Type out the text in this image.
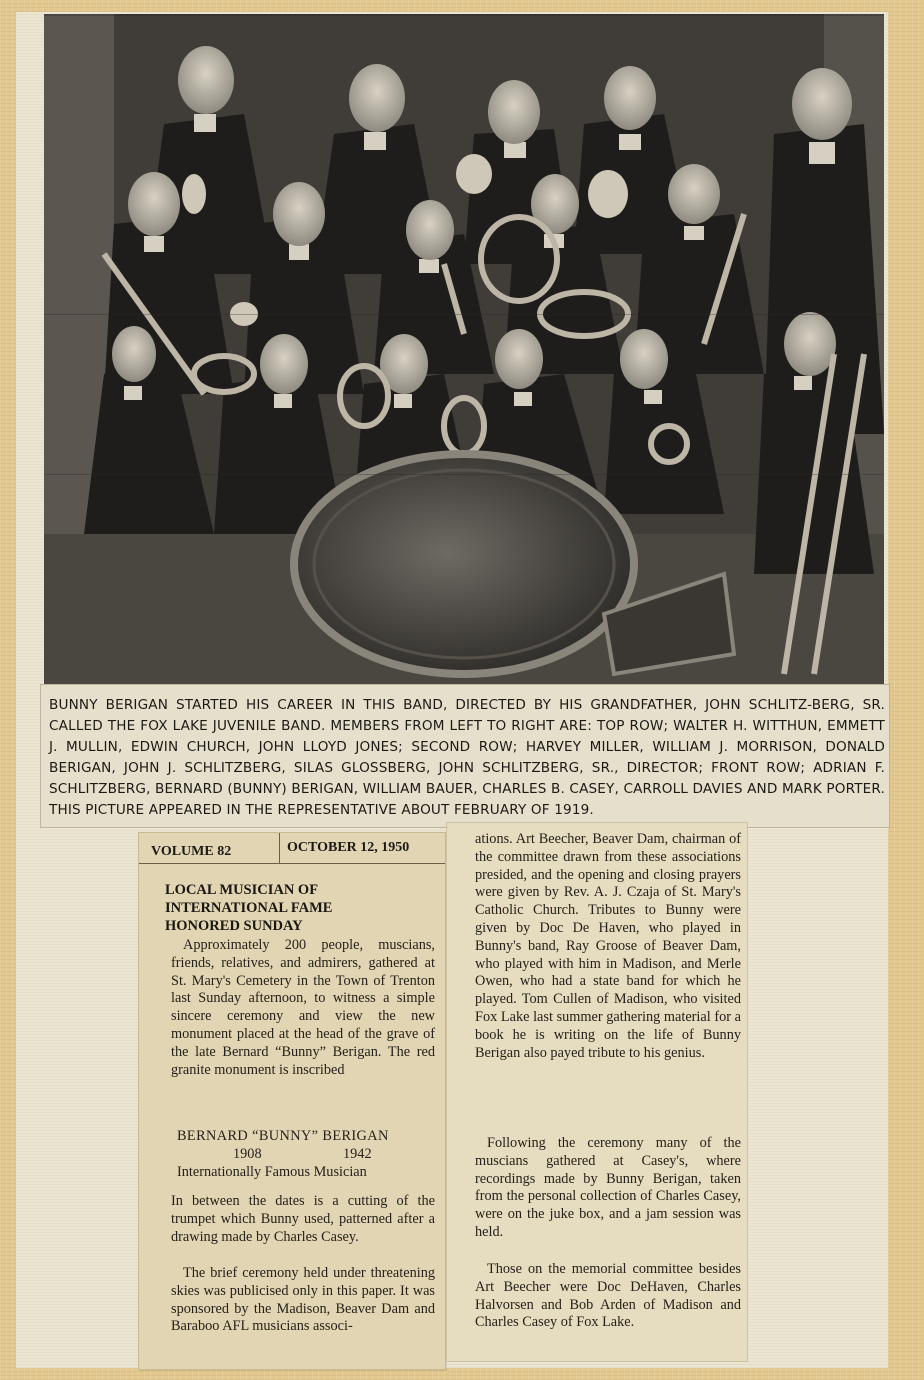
BUNNY BERIGAN STARTED HIS CAREER IN THIS BAND, DIRECTED BY HIS GRANDFATHER, JOHN SCHLITZ-BERG, SR. CALLED THE FOX LAKE JUVENILE BAND. MEMBERS FROM LEFT TO RIGHT ARE: TOP ROW; WALTER H. WITTHUN, EMMETT J. MULLIN, EDWIN CHURCH, JOHN LLOYD JONES; SECOND ROW; HARVEY MILLER, WILLIAM J. MORRISON, DONALD BERIGAN, JOHN J. SCHLITZBERG, SILAS GLOSSBERG, JOHN SCHLITZBERG, SR., DIRECTOR; FRONT ROW; ADRIAN F. SCHLITZBERG, BERNARD (BUNNY) BERIGAN, WILLIAM BAUER, CHARLES B. CASEY, CARROLL DAVIES AND MARK PORTER. THIS PICTURE APPEARED IN THE REPRESENTATIVE ABOUT FEBRUARY OF 1919.

VOLUME 82	OCTOBER 12, 1950
LOCAL MUSICIAN OF
INTERNATIONAL FAME
HONORED SUNDAY

Approximately 200 people, muscians, friends, relatives, and admirers, gathered at St. Mary's Cemetery in the Town of Trenton last Sunday afternoon, to witness a simple sincere ceremony and view the new monument placed at the head of the grave of the late Bernard “Bunny” Berigan. The red granite monument is inscribed

BERNARD “BUNNY” BERIGAN
1908	1942
Internationally Famous Musician

In between the dates is a cutting of the trumpet which Bunny used, patterned after a drawing made by Charles Casey.

The brief ceremony held under threatening skies was publicised only in this paper. It was sponsored by the Madison, Beaver Dam and Baraboo AFL musicians associ-

ations. Art Beecher, Beaver Dam, chairman of the committee drawn from these associations presided, and the opening and closing prayers were given by Rev. A. J. Czaja of St. Mary's Catholic Church. Tributes to Bunny were given by Doc De Haven, who played in Bunny's band, Ray Groose of Beaver Dam, who played with him in Madison, and Merle Owen, who had a state band for which he played. Tom Cullen of Madison, who visited Fox Lake last summer gathering material for a book he is writing on the life of Bunny Berigan also payed tribute to his genius.

Following the ceremony many of the muscians gathered at Casey's, where recordings made by Bunny Berigan, taken from the personal collection of Charles Casey, were on the juke box, and a jam session was held.

Those on the memorial committee besides Art Beecher were Doc DeHaven, Charles Halvorsen and Bob Arden of Madison and Charles Casey of Fox Lake.
